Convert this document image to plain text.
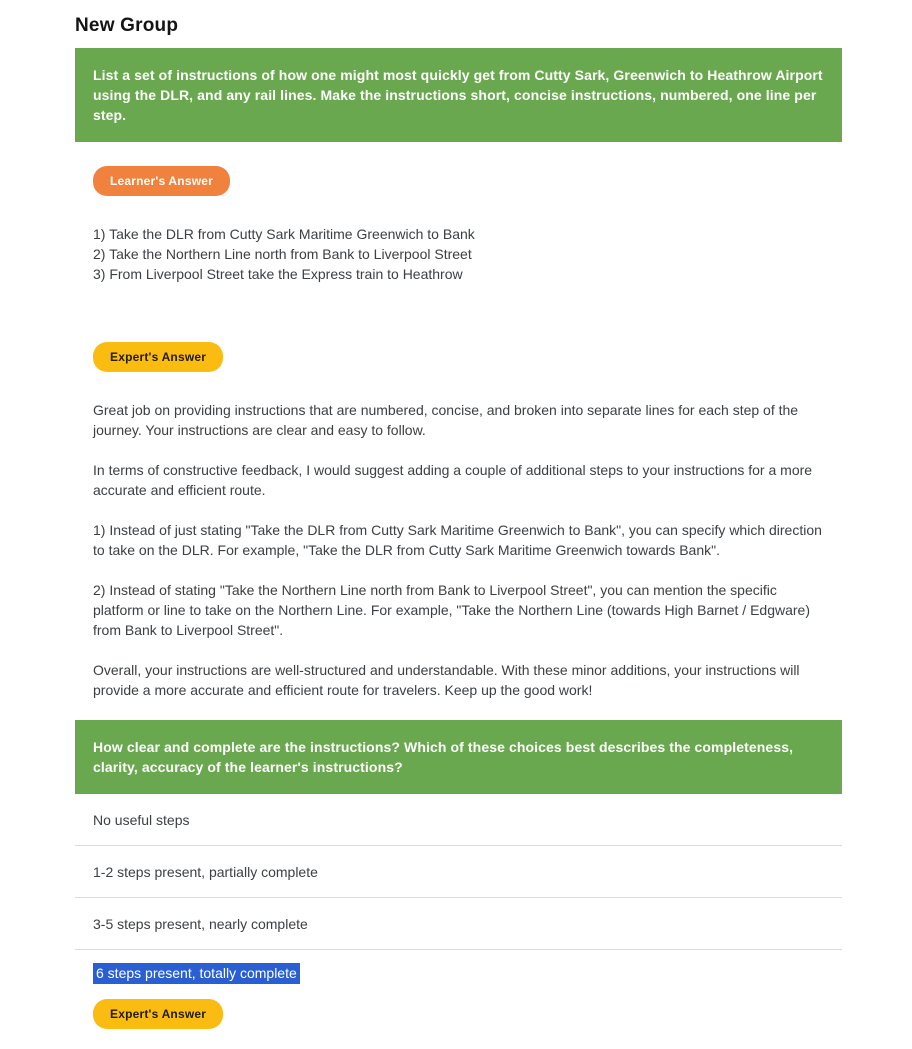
New Group
List a set of instructions of how one might most quickly get from Cutty Sark, Greenwich to Heathrow Airport using the DLR, and any rail lines. Make the instructions short, concise instructions, numbered, one line per step.
Learner's Answer
1) Take the DLR from Cutty Sark Maritime Greenwich to Bank
2) Take the Northern Line north from Bank to Liverpool Street
3) From Liverpool Street take the Express train to Heathrow
Expert's Answer

Great job on providing instructions that are numbered, concise, and broken into separate lines for each step of the journey. Your instructions are clear and easy to follow.

In terms of constructive feedback, I would suggest adding a couple of additional steps to your instructions for a more accurate and efficient route.

1) Instead of just stating "Take the DLR from Cutty Sark Maritime Greenwich to Bank", you can specify which direction to take on the DLR. For example, "Take the DLR from Cutty Sark Maritime Greenwich towards Bank".

2) Instead of stating "Take the Northern Line north from Bank to Liverpool Street", you can mention the specific platform or line to take on the Northern Line. For example, "Take the Northern Line (towards High Barnet / Edgware) from Bank to Liverpool Street".

Overall, your instructions are well-structured and understandable. With these minor additions, your instructions will provide a more accurate and efficient route for travelers. Keep up the good work!

How clear and complete are the instructions? Which of these choices best describes the completeness, clarity, accuracy of the learner's instructions?
No useful steps
1-2 steps present, partially complete
3-5 steps present, nearly complete
6 steps present, totally complete
Expert's Answer
